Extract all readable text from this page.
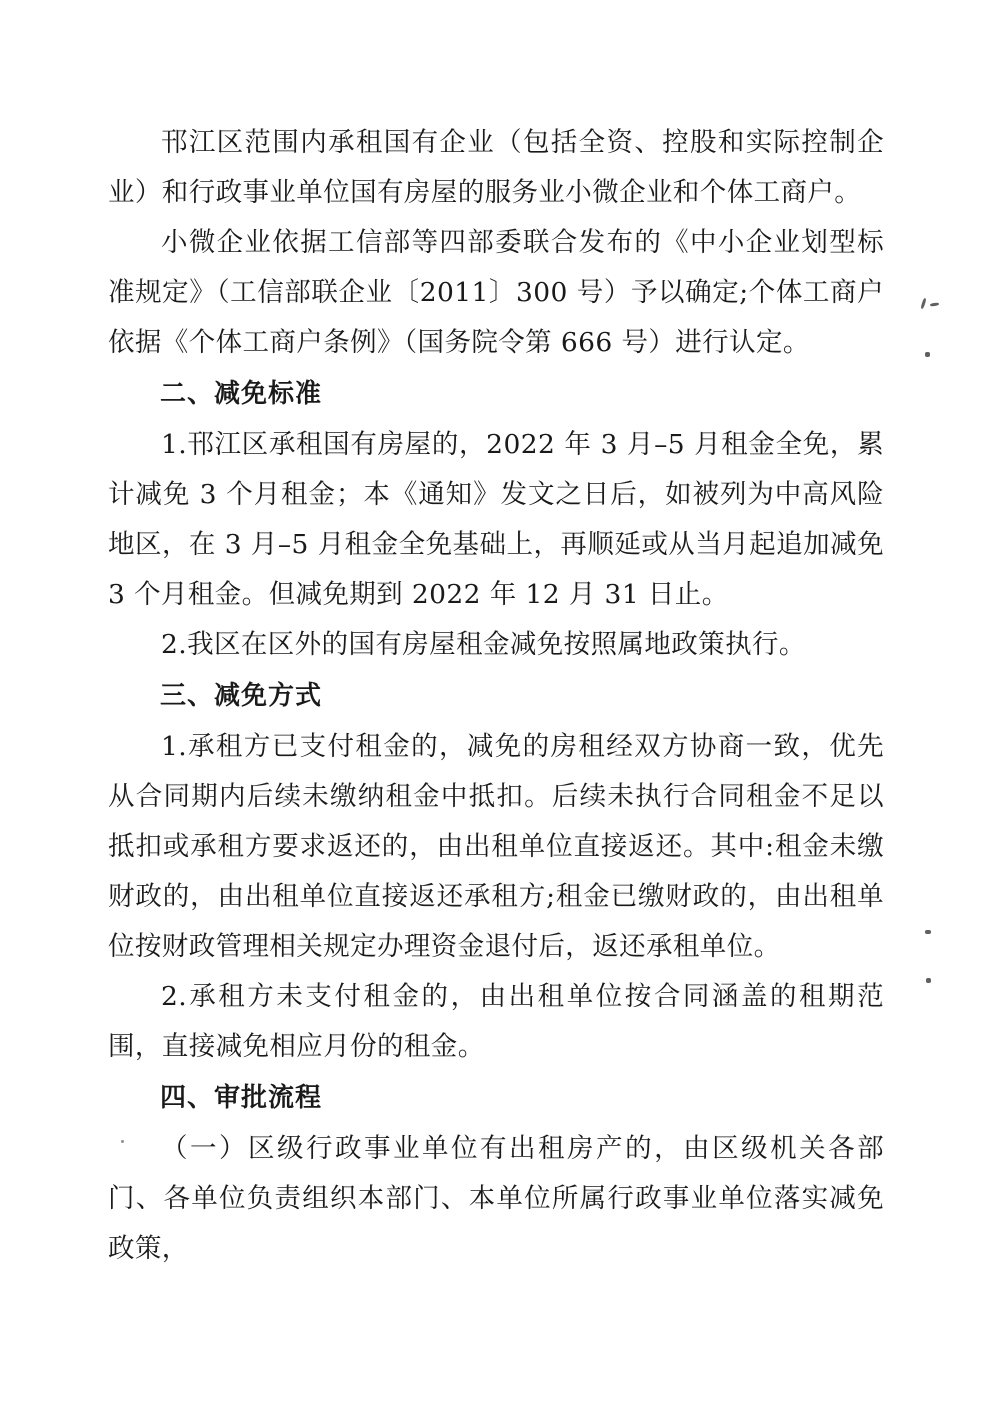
邗江区范围内承租国有企业（包括全资、控股和实际控制企业）和行政事业单位国有房屋的服务业小微企业和个体工商户。

小微企业依据工信部等四部委联合发布的《中小企业划型标准规定》（工信部联企业〔2011〕300 号）予以确定;个体工商户依据《个体工商户条例》（国务院令第 666 号）进行认定。

二、减免标准

1.邗江区承租国有房屋的，2022 年 3 月–5 月租金全免，累计减免 3 个月租金；本《通知》发文之日后，如被列为中高风险地区，在 3 月–5 月租金全免基础上，再顺延或从当月起追加减免 3 个月租金。但减免期到 2022 年 12 月 31 日止。

2.我区在区外的国有房屋租金减免按照属地政策执行。

三、减免方式

1.承租方已支付租金的，减免的房租经双方协商一致，优先从合同期内后续未缴纳租金中抵扣。后续未执行合同租金不足以抵扣或承租方要求返还的，由出租单位直接返还。其中:租金未缴财政的，由出租单位直接返还承租方;租金已缴财政的，由出租单位按财政管理相关规定办理资金退付后，返还承租单位。

2.承租方未支付租金的，由出租单位按合同涵盖的租期范围，直接减免相应月份的租金。

四、审批流程

（一）区级行政事业单位有出租房产的，由区级机关各部门、各单位负责组织本部门、本单位所属行政事业单位落实减免政策，
